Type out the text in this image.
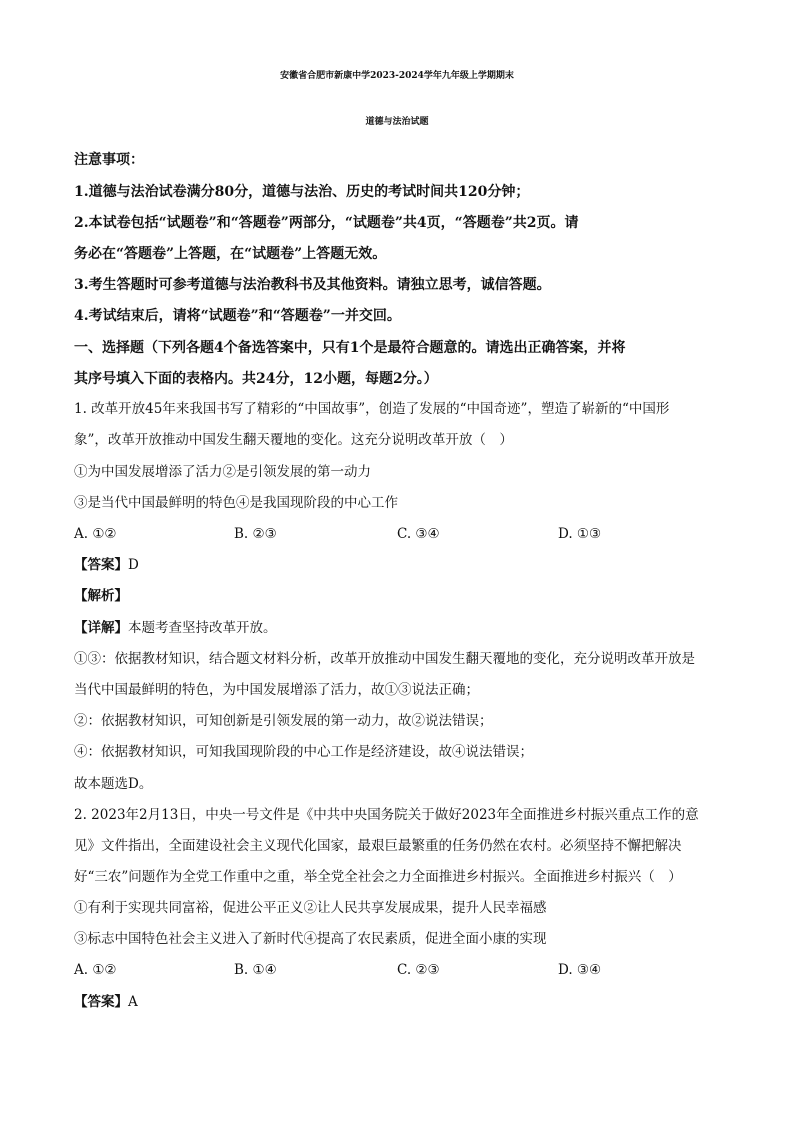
安徽省合肥市新康中学2023-2024学年九年级上学期期末
道德与法治试题
注意事项：
1.道德与法治试卷满分80分，道德与法治、历史的考试时间共120分钟；
2.本试卷包括“试题卷”和“答题卷”两部分，“试题卷”共4页，“答题卷”共2页。请
务必在“答题卷”上答题，在“试题卷”上答题无效。
3.考生答题时可参考道德与法治教科书及其他资料。请独立思考，诚信答题。
4.考试结束后，请将“试题卷”和“答题卷”一并交回。
一、选择题（下列各题4个备选答案中，只有1个是最符合题意的。请选出正确答案，并将
其序号填入下面的表格内。共24分，12小题，每题2分。）
1. 改革开放45年来我国书写了精彩的“中国故事”，创造了发展的“中国奇迹”，塑造了崭新的“中国形
象”，改革开放推动中国发生翻天覆地的变化。这充分说明改革开放（　）
①为中国发展增添了活力②是引领发展的第一动力
③是当代中国最鲜明的特色④是我国现阶段的中心工作
A. ①②	B. ②③	C. ③④	D. ①③
【答案】D
【解析】
【详解】本题考查坚持改革开放。
①③：依据教材知识，结合题文材料分析，改革开放推动中国发生翻天覆地的变化，充分说明改革开放是
当代中国最鲜明的特色，为中国发展增添了活力，故①③说法正确；
②：依据教材知识，可知创新是引领发展的第一动力，故②说法错误；
④：依据教材知识，可知我国现阶段的中心工作是经济建设，故④说法错误；
故本题选D。
2. 2023年2月13日，中央一号文件是《中共中央国务院关于做好2023年全面推进乡村振兴重点工作的意
见》文件指出，全面建设社会主义现代化国家，最艰巨最繁重的任务仍然在农村。必须坚持不懈把解决
好“三农”问题作为全党工作重中之重，举全党全社会之力全面推进乡村振兴。全面推进乡村振兴（　）
①有利于实现共同富裕，促进公平正义②让人民共享发展成果，提升人民幸福感
③标志中国特色社会主义进入了新时代④提高了农民素质，促进全面小康的实现
A. ①②	B. ①④	C. ②③	D. ③④
【答案】A
